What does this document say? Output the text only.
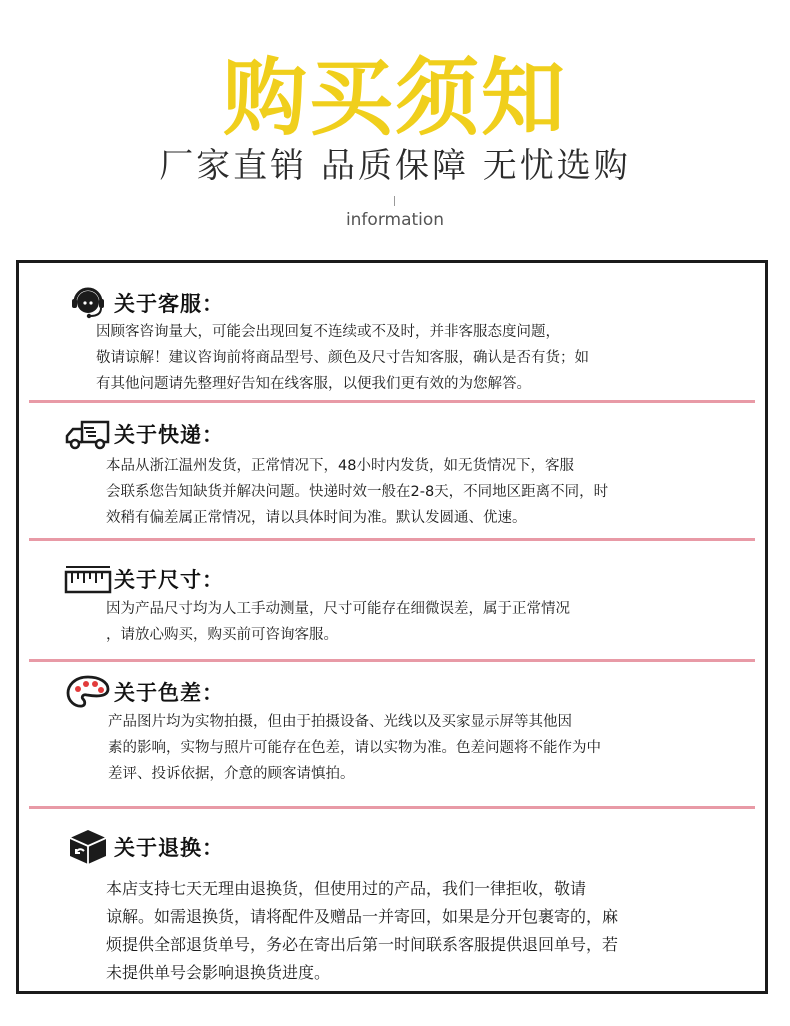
购买须知
厂家直销 品质保障 无忧选购
information
关于客服：

因顾客咨询量大，可能会出现回复不连续或不及时，并非客服态度问题，

敬请谅解！建议咨询前将商品型号、颜色及尺寸告知客服，确认是否有货；如

有其他问题请先整理好告知在线客服，以便我们更有效的为您解答。

关于快递：

本品从浙江温州发货，正常情况下，48小时内发货，如无货情况下，客服

会联系您告知缺货并解决问题。快递时效一般在2-8天，不同地区距离不同，时

效稍有偏差属正常情况，请以具体时间为准。默认发圆通、优速。

关于尺寸：

因为产品尺寸均为人工手动测量，尺寸可能存在细微误差，属于正常情况

，请放心购买，购买前可咨询客服。

关于色差：

产品图片均为实物拍摄，但由于拍摄设备、光线以及买家显示屏等其他因

素的影响，实物与照片可能存在色差，请以实物为准。色差问题将不能作为中

差评、投诉依据，介意的顾客请慎拍。

关于退换：

本店支持七天无理由退换货，但使用过的产品，我们一律拒收，敬请

谅解。如需退换货，请将配件及赠品一并寄回，如果是分开包裹寄的，麻

烦提供全部退货单号，务必在寄出后第一时间联系客服提供退回单号，若

未提供单号会影响退换货进度。
